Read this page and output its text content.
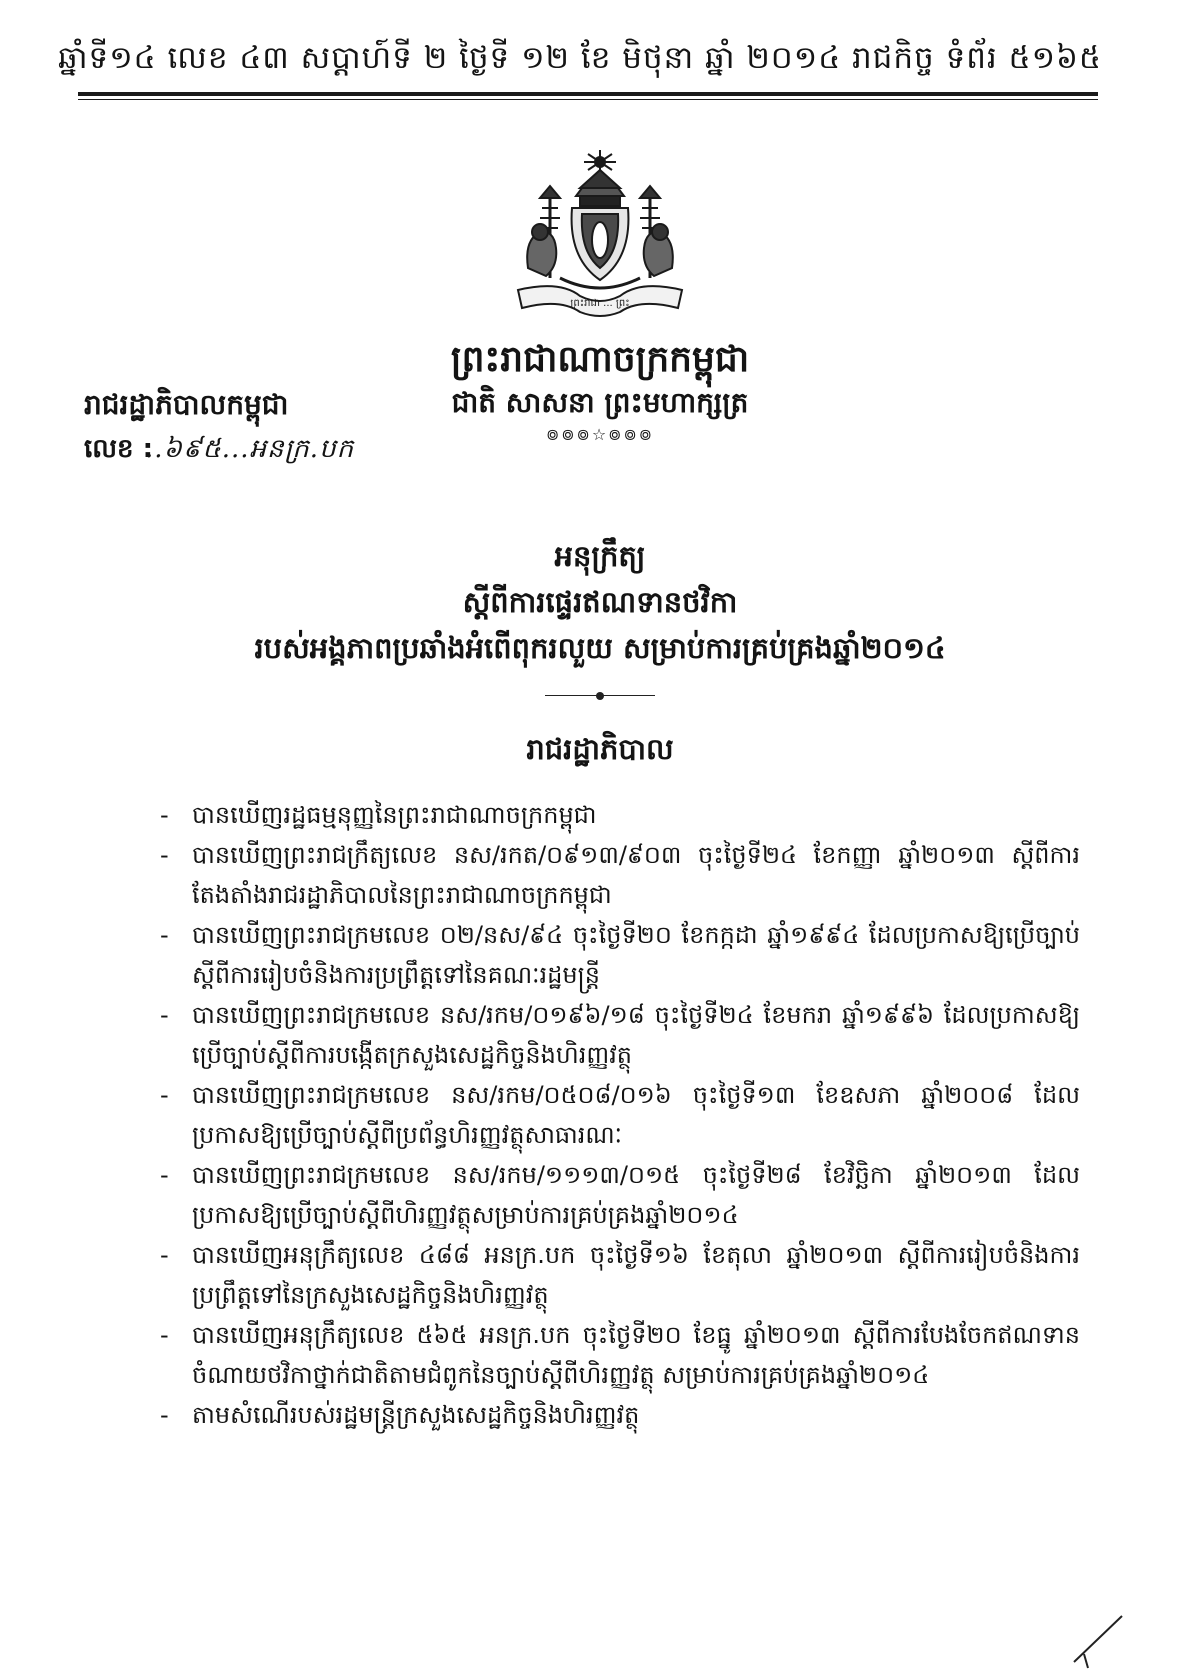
ឆ្នាំទី១៤ លេខ ៤៣ សប្តាហ៍ទី ២ ថ្ងៃទី ១២ ខែ មិថុនា ឆ្នាំ ២០១៤ រាជកិច្ច ទំព័រ ៥១៦៥
ព្រះរាជា ... ព្រះ
ព្រះរាជាណាចក្រកម្ពុជា
ជាតិ សាសនា ព្រះមហាក្សត្រ
៙៙៙☆៙៙៙
រាជរដ្ឋាភិបាលកម្ពុជា
លេខ :
..៦៩៥...អនក្រ.បក
អនុក្រឹត្យ
ស្តីពីការផ្ទេរឥណទានថវិកា
របស់អង្គភាពប្រឆាំងអំពើពុករលួយ សម្រាប់ការគ្រប់គ្រងឆ្នាំ២០១៤
រាជរដ្ឋាភិបាល
- បានឃើញរដ្ឋធម្មនុញ្ញនៃព្រះរាជាណាចក្រកម្ពុជា
- បានឃើញព្រះរាជក្រឹត្យលេខ នស/រកត/០៩១៣/៩០៣ ចុះថ្ងៃទី២៤ ខែកញ្ញា ឆ្នាំ២០១៣ ស្តីពីការតែងតាំងរាជរដ្ឋាភិបាលនៃព្រះរាជាណាចក្រកម្ពុជា
- បានឃើញព្រះរាជក្រមលេខ ០២/នស/៩៤ ចុះថ្ងៃទី២០ ខែកក្កដា ឆ្នាំ១៩៩៤ ដែលប្រកាសឱ្យប្រើច្បាប់ស្តីពីការរៀបចំនិងការប្រព្រឹត្តទៅនៃគណៈរដ្ឋមន្ត្រី
- បានឃើញព្រះរាជក្រមលេខ នស/រកម/០១៩៦/១៨ ចុះថ្ងៃទី២៤ ខែមករា ឆ្នាំ១៩៩៦ ដែលប្រកាសឱ្យប្រើច្បាប់ស្តីពីការបង្កើតក្រសួងសេដ្ឋកិច្ចនិងហិរញ្ញវត្ថុ
- បានឃើញព្រះរាជក្រមលេខ នស/រកម/០៥០៨/០១៦ ចុះថ្ងៃទី១៣ ខែឧសភា ឆ្នាំ២០០៨ ដែលប្រកាសឱ្យប្រើច្បាប់ស្តីពីប្រព័ន្ធហិរញ្ញវត្ថុសាធារណៈ
- បានឃើញព្រះរាជក្រមលេខ នស/រកម/១១១៣/០១៥ ចុះថ្ងៃទី២៨ ខែវិច្ឆិកា ឆ្នាំ២០១៣ ដែលប្រកាសឱ្យប្រើច្បាប់ស្តីពីហិរញ្ញវត្ថុសម្រាប់ការគ្រប់គ្រងឆ្នាំ២០១៤
- បានឃើញអនុក្រឹត្យលេខ ៤៨៨ អនក្រ.បក ចុះថ្ងៃទី១៦ ខែតុលា ឆ្នាំ២០១៣ ស្តីពីការរៀបចំនិងការប្រព្រឹត្តទៅនៃក្រសួងសេដ្ឋកិច្ចនិងហិរញ្ញវត្ថុ
- បានឃើញអនុក្រឹត្យលេខ ៥៦៥ អនក្រ.បក ចុះថ្ងៃទី២០ ខែធ្នូ ឆ្នាំ២០១៣ ស្តីពីការបែងចែកឥណទានចំណាយថវិកាថ្នាក់ជាតិតាមជំពូកនៃច្បាប់ស្តីពីហិរញ្ញវត្ថុ សម្រាប់ការគ្រប់គ្រងឆ្នាំ២០១៤
- តាមសំណើរបស់រដ្ឋមន្ត្រីក្រសួងសេដ្ឋកិច្ចនិងហិរញ្ញវត្ថុ
